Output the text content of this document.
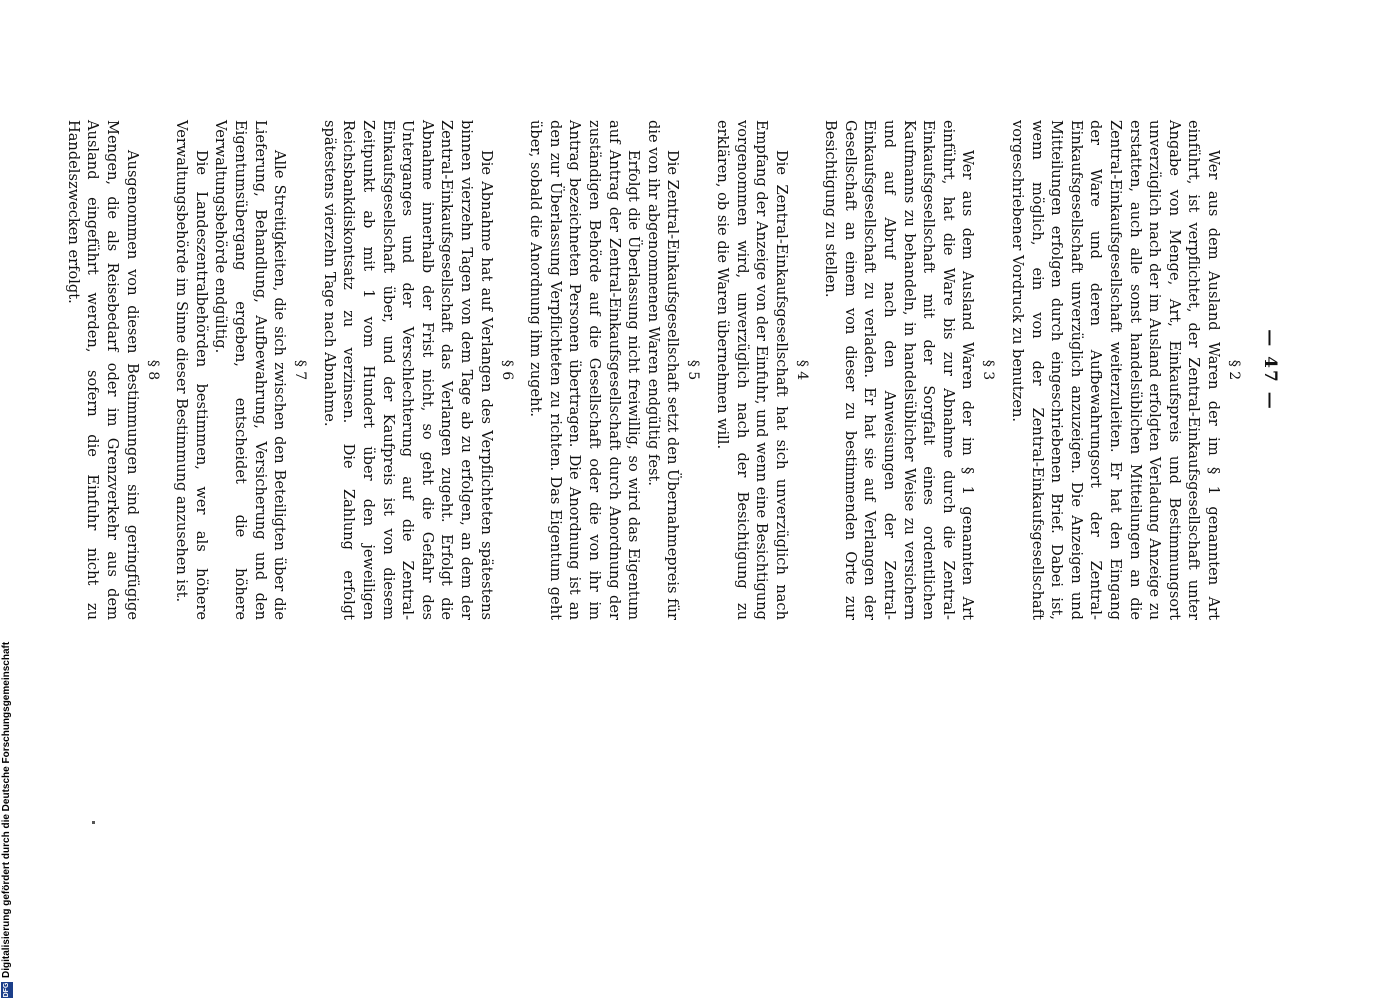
— 47 —
§ 2

Wer aus dem Ausland Waren der im § 1 genannten Art einführt, ist verpflichtet, der Zentral-Einkaufsgesellschaft unter Angabe von Menge, Art, Einkaufspreis und Bestimmungsort unverzüglich nach der im Ausland erfolgten Verladung Anzeige zu erstatten, auch alle sonst handelsüblichen Mitteilungen an die Zentral-Einkaufsgesellschaft weiterzuleiten. Er hat den Eingang der Ware und deren Aufbewahrungsort der Zentral-Einkaufsgesellschaft unverzüglich anzuzeigen. Die Anzeigen und Mitteilungen erfolgen durch eingeschriebenen Brief. Dabei ist, wenn möglich, ein von der Zentral-Einkaufsgesellschaft vorgeschriebener Vordruck zu benutzen.

§ 3

Wer aus dem Ausland Waren der im § 1 genannten Art einführt, hat die Ware bis zur Abnahme durch die Zentral-Einkaufsgesellschaft mit der Sorgfalt eines ordentlichen Kaufmanns zu behandeln, in handelsüblicher Weise zu versichern und auf Abruf nach den Anweisungen der Zentral-Einkaufsgesellschaft zu verladen. Er hat sie auf Verlangen der Gesellschaft an einem von dieser zu bestimmenden Orte zur Besichtigung zu stellen.

§ 4

Die Zentral-Einkaufsgesellschaft hat sich unverzüglich nach Empfang der Anzeige von der Einfuhr, und wenn eine Besichtigung vorgenommen wird, unverzüglich nach der Besichtigung zu erklären, ob sie die Waren übernehmen will.

§ 5

Die Zentral-Einkaufsgesellschaft setzt den Übernahmepreis für die von ihr abgenommenen Waren endgültig fest.

Erfolgt die Überlassung nicht freiwillig, so wird das Eigentum auf Antrag der Zentral-Einkaufsgesellschaft durch Anordnung der zuständigen Behörde auf die Gesellschaft oder die von ihr im Antrag bezeichneten Personen übertragen. Die Anordnung ist an den zur Überlassung Verpflichteten zu richten. Das Eigentum geht über, sobald die Anordnung ihm zugeht.

§ 6

Die Abnahme hat auf Verlangen des Verpflichteten spätestens binnen vierzehn Tagen von dem Tage ab zu erfolgen, an dem der Zentral-Einkaufsgesellschaft das Verlangen zugeht. Erfolgt die Abnahme innerhalb der Frist nicht, so geht die Gefahr des Unterganges und der Verschlechterung auf die Zentral-Einkaufsgesellschaft über, und der Kaufpreis ist von diesem Zeitpunkt ab mit 1 vom Hundert über den jeweiligen Reichsbankdiskontsatz zu verzinsen. Die Zahlung erfolgt spätestens vierzehn Tage nach Abnahme.

§ 7

Alle Streitigkeiten, die sich zwischen den Beteiligten über die Lieferung, Behandlung, Aufbewahrung, Versicherung und den Eigentumsübergang ergeben, entscheidet die höhere Verwaltungsbehörde endgültig.

Die Landeszentralbehörden bestimmen, wer als höhere Verwaltungsbehörde im Sinne dieser Bestimmung anzusehen ist.

§ 8

Ausgenommen von diesen Bestimmungen sind geringfügige Mengen, die als Reisebedarf oder im Grenzverkehr aus dem Ausland eingeführt werden, sofern die Einfuhr nicht zu Handelszwecken erfolgt.

DFG
Digitalisierung gefördert durch die Deutsche Forschungsgemeinschaft
